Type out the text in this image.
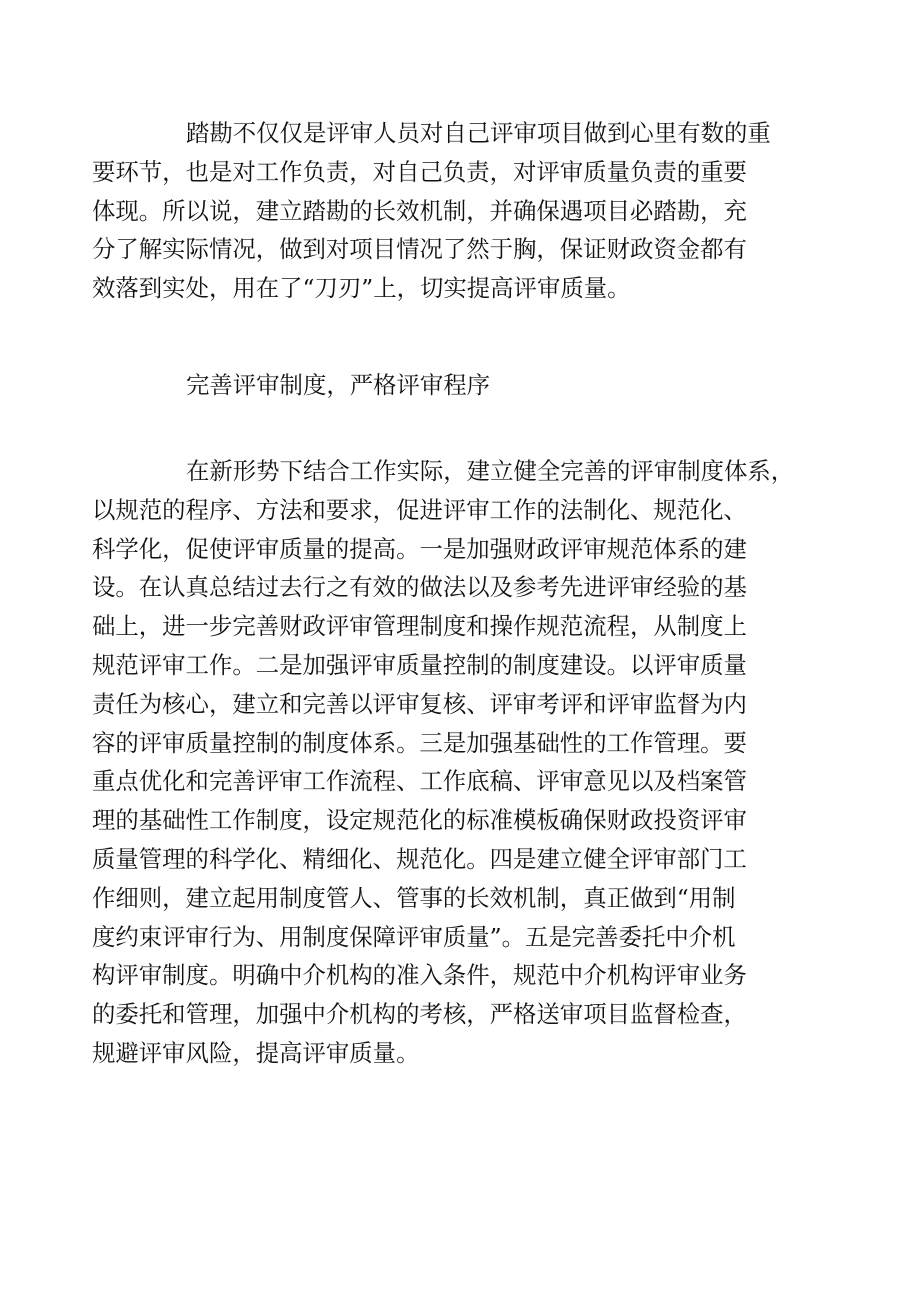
踏勘不仅仅是评审人员对自己评审项目做到心里有数的重
要环节，也是对工作负责，对自己负责，对评审质量负责的重要
体现。所以说，建立踏勘的长效机制，并确保遇项目必踏勘，充
分了解实际情况，做到对项目情况了然于胸，保证财政资金都有
效落到实处，用在了“刀刃”上，切实提高评审质量。
完善评审制度，严格评审程序
在新形势下结合工作实际，建立健全完善的评审制度体系，
以规范的程序、方法和要求，促进评审工作的法制化、规范化、
科学化，促使评审质量的提高。一是加强财政评审规范体系的建
设。在认真总结过去行之有效的做法以及参考先进评审经验的基
础上，进一步完善财政评审管理制度和操作规范流程，从制度上
规范评审工作。二是加强评审质量控制的制度建设。以评审质量
责任为核心，建立和完善以评审复核、评审考评和评审监督为内
容的评审质量控制的制度体系。三是加强基础性的工作管理。要
重点优化和完善评审工作流程、工作底稿、评审意见以及档案管
理的基础性工作制度，设定规范化的标准模板确保财政投资评审
质量管理的科学化、精细化、规范化。四是建立健全评审部门工
作细则，建立起用制度管人、管事的长效机制，真正做到“用制
度约束评审行为、用制度保障评审质量”。五是完善委托中介机
构评审制度。明确中介机构的准入条件，规范中介机构评审业务
的委托和管理，加强中介机构的考核，严格送审项目监督检查，
规避评审风险，提高评审质量。
